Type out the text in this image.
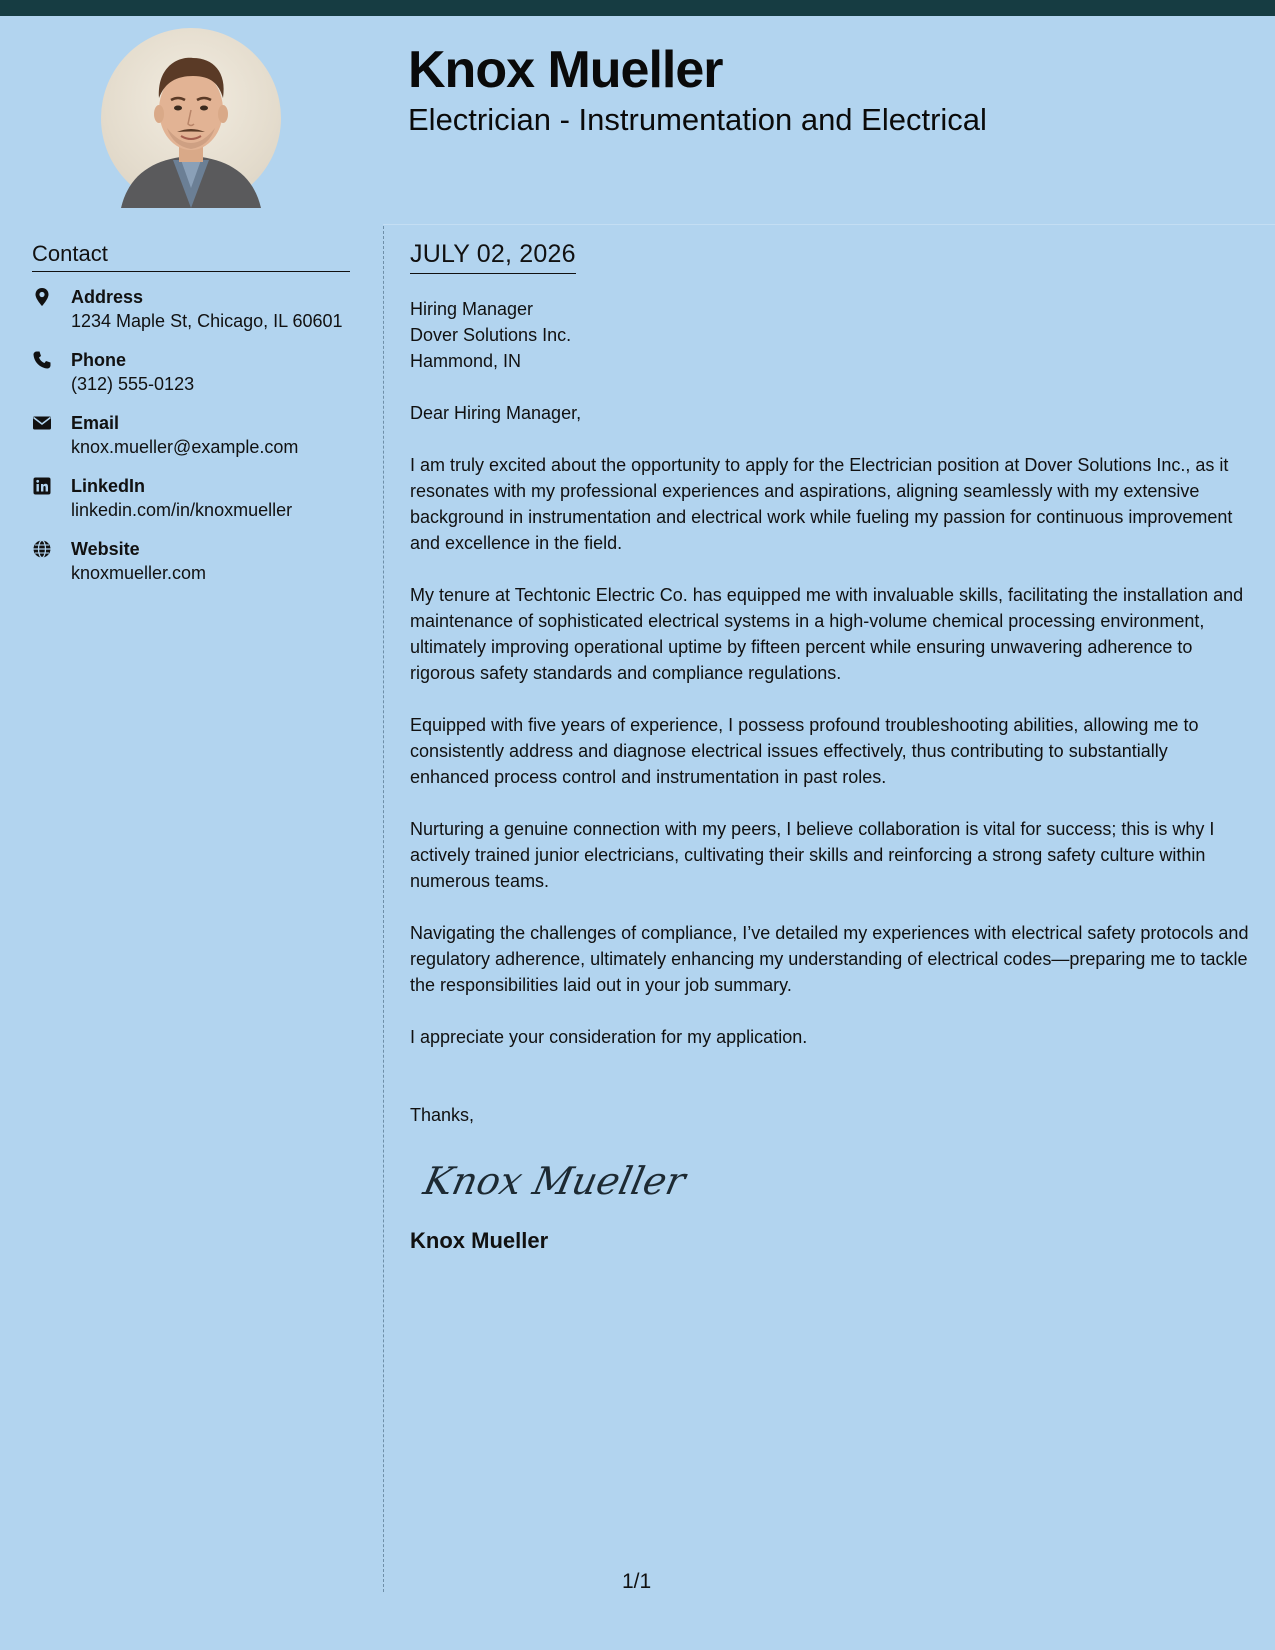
Knox Mueller
Electrician - Instrumentation and Electrical
Contact
Address
1234 Maple St, Chicago, IL 60601
Phone
(312) 555-0123
Email
knox.mueller@example.com
LinkedIn
linkedin.com/in/knoxmueller
Website
knoxmueller.com
JULY 02, 2026

Hiring Manager

Dover Solutions Inc.

Hammond, IN

Dear Hiring Manager,

I am truly excited about the opportunity to apply for the Electrician position at Dover Solutions Inc., as it resonates with my professional experiences and aspirations, aligning seamlessly with my extensive background in instrumentation and electrical work while fueling my passion for continuous improvement and excellence in the field.

My tenure at Techtonic Electric Co. has equipped me with invaluable skills, facilitating the installation and maintenance of sophisticated electrical systems in a high-volume chemical processing environment, ultimately improving operational uptime by fifteen percent while ensuring unwavering adherence to rigorous safety standards and compliance regulations.

Equipped with five years of experience, I possess profound troubleshooting abilities, allowing me to consistently address and diagnose electrical issues effectively, thus contributing to substantially enhanced process control and instrumentation in past roles.

Nurturing a genuine connection with my peers, I believe collaboration is vital for success; this is why I actively trained junior electricians, cultivating their skills and reinforcing a strong safety culture within numerous teams.

Navigating the challenges of compliance, I’ve detailed my experiences with electrical safety protocols and regulatory adherence, ultimately enhancing my understanding of electrical codes—preparing me to tackle the responsibilities laid out in your job summary.

I appreciate your consideration for my application.

Thanks,
Knox Mueller
Knox Mueller
1/1
